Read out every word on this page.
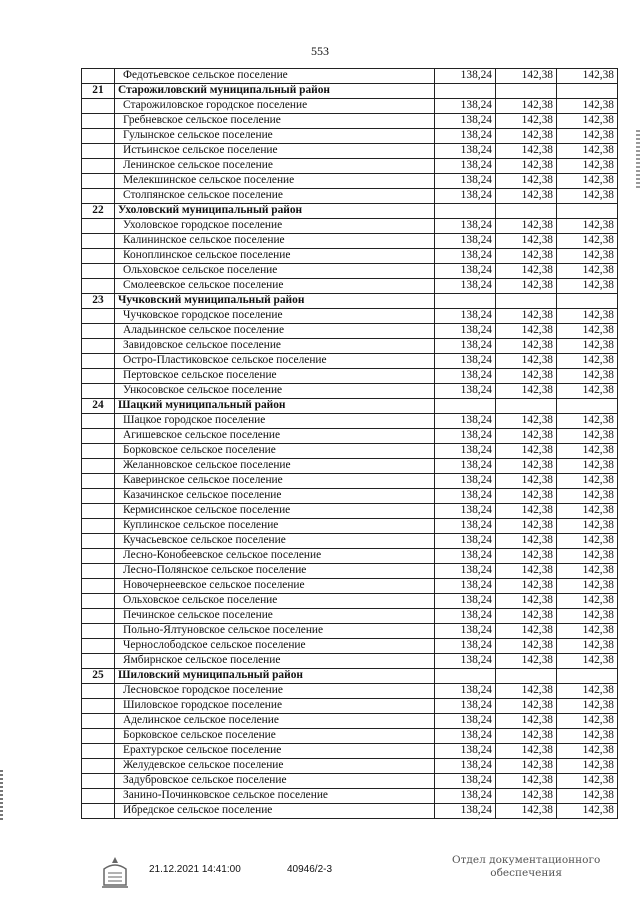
553
	Федотьевское сельское поселение	138,24	142,38	142,38
21	Старожиловский муниципальный район			
	Старожиловское городское поселение	138,24	142,38	142,38
	Гребневское сельское поселение	138,24	142,38	142,38
	Гулынское сельское поселение	138,24	142,38	142,38
	Истьинское сельское поселение	138,24	142,38	142,38
	Ленинское сельское поселение	138,24	142,38	142,38
	Мелекшинское сельское поселение	138,24	142,38	142,38
	Столпянское сельское поселение	138,24	142,38	142,38
22	Ухоловский муниципальный район			
	Ухоловское городское поселение	138,24	142,38	142,38
	Калининское сельское поселение	138,24	142,38	142,38
	Коноплинское сельское поселение	138,24	142,38	142,38
	Ольховское сельское поселение	138,24	142,38	142,38
	Смолеевское сельское поселение	138,24	142,38	142,38
23	Чучковский муниципальный район			
	Чучковское городское поселение	138,24	142,38	142,38
	Аладьинское сельское поселение	138,24	142,38	142,38
	Завидовское сельское поселение	138,24	142,38	142,38
	Остро-Пластиковское сельское поселение	138,24	142,38	142,38
	Пертовское сельское поселение	138,24	142,38	142,38
	Ункосовское сельское поселение	138,24	142,38	142,38
24	Шацкий муниципальный район			
	Шацкое городское поселение	138,24	142,38	142,38
	Агишевское сельское поселение	138,24	142,38	142,38
	Борковское сельское поселение	138,24	142,38	142,38
	Желанновское сельское поселение	138,24	142,38	142,38
	Каверинское сельское поселение	138,24	142,38	142,38
	Казачинское сельское поселение	138,24	142,38	142,38
	Кермисинское сельское поселение	138,24	142,38	142,38
	Куплинское сельское поселение	138,24	142,38	142,38
	Кучасьевское сельское поселение	138,24	142,38	142,38
	Лесно-Конобеевское сельское поселение	138,24	142,38	142,38
	Лесно-Полянское сельское поселение	138,24	142,38	142,38
	Новочернеевское сельское поселение	138,24	142,38	142,38
	Ольховское сельское поселение	138,24	142,38	142,38
	Печинское сельское поселение	138,24	142,38	142,38
	Польно-Ялтуновское сельское поселение	138,24	142,38	142,38
	Чернослободское сельское поселение	138,24	142,38	142,38
	Ямбирнское сельское поселение	138,24	142,38	142,38
25	Шиловский муниципальный район			
	Лесновское городское поселение	138,24	142,38	142,38
	Шиловское городское поселение	138,24	142,38	142,38
	Аделинское сельское поселение	138,24	142,38	142,38
	Борковское сельское поселение	138,24	142,38	142,38
	Ерахтурское сельское поселение	138,24	142,38	142,38
	Желудевское сельское поселение	138,24	142,38	142,38
	Задубровское сельское поселение	138,24	142,38	142,38
	Занино-Починковское сельское поселение	138,24	142,38	142,38
	Ибредское сельское поселение	138,24	142,38	142,38
21.12.2021 14:41:00	40946/2-3
Отдел документационного
обеспечения
